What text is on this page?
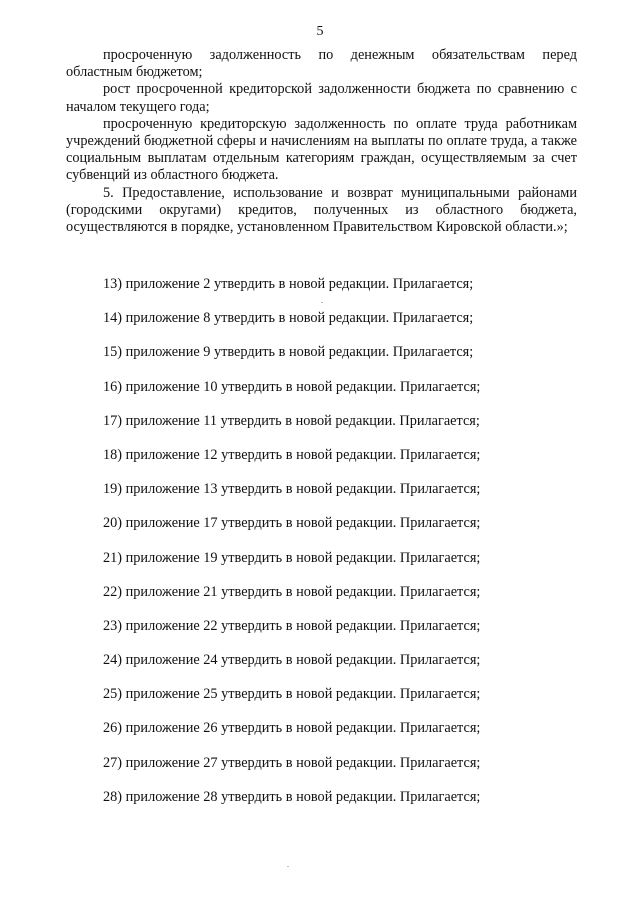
5

просроченную задолженность по денежным обязательствам перед областным бюджетом;

рост просроченной кредиторской задолженности бюджета по сравнению с началом текущего года;

просроченную кредиторскую задолженность по оплате труда работникам учреждений бюджетной сферы и начислениям на выплаты по оплате труда, а также социальным выплатам отдельным категориям граждан, осуществляемым за счет субвенций из областного бюджета.

5. Предоставление, использование и возврат муниципальными районами (городскими округами) кредитов, полученных из областного бюджета, осуществляются в порядке, установленном Правительством Кировской области.»;

13) приложение 2 утвердить в новой редакции. Прилагается;

14) приложение 8 утвердить в новой редакции. Прилагается;

15) приложение 9 утвердить в новой редакции. Прилагается;

16) приложение 10 утвердить в новой редакции. Прилагается;

17) приложение 11 утвердить в новой редакции. Прилагается;

18) приложение 12 утвердить в новой редакции. Прилагается;

19) приложение 13 утвердить в новой редакции. Прилагается;

20) приложение 17 утвердить в новой редакции. Прилагается;

21) приложение 19 утвердить в новой редакции. Прилагается;

22) приложение 21 утвердить в новой редакции. Прилагается;

23) приложение 22 утвердить в новой редакции. Прилагается;

24) приложение 24 утвердить в новой редакции. Прилагается;

25) приложение 25 утвердить в новой редакции. Прилагается;

26) приложение 26 утвердить в новой редакции. Прилагается;

27) приложение 27 утвердить в новой редакции. Прилагается;

28) приложение 28 утвердить в новой редакции. Прилагается;
